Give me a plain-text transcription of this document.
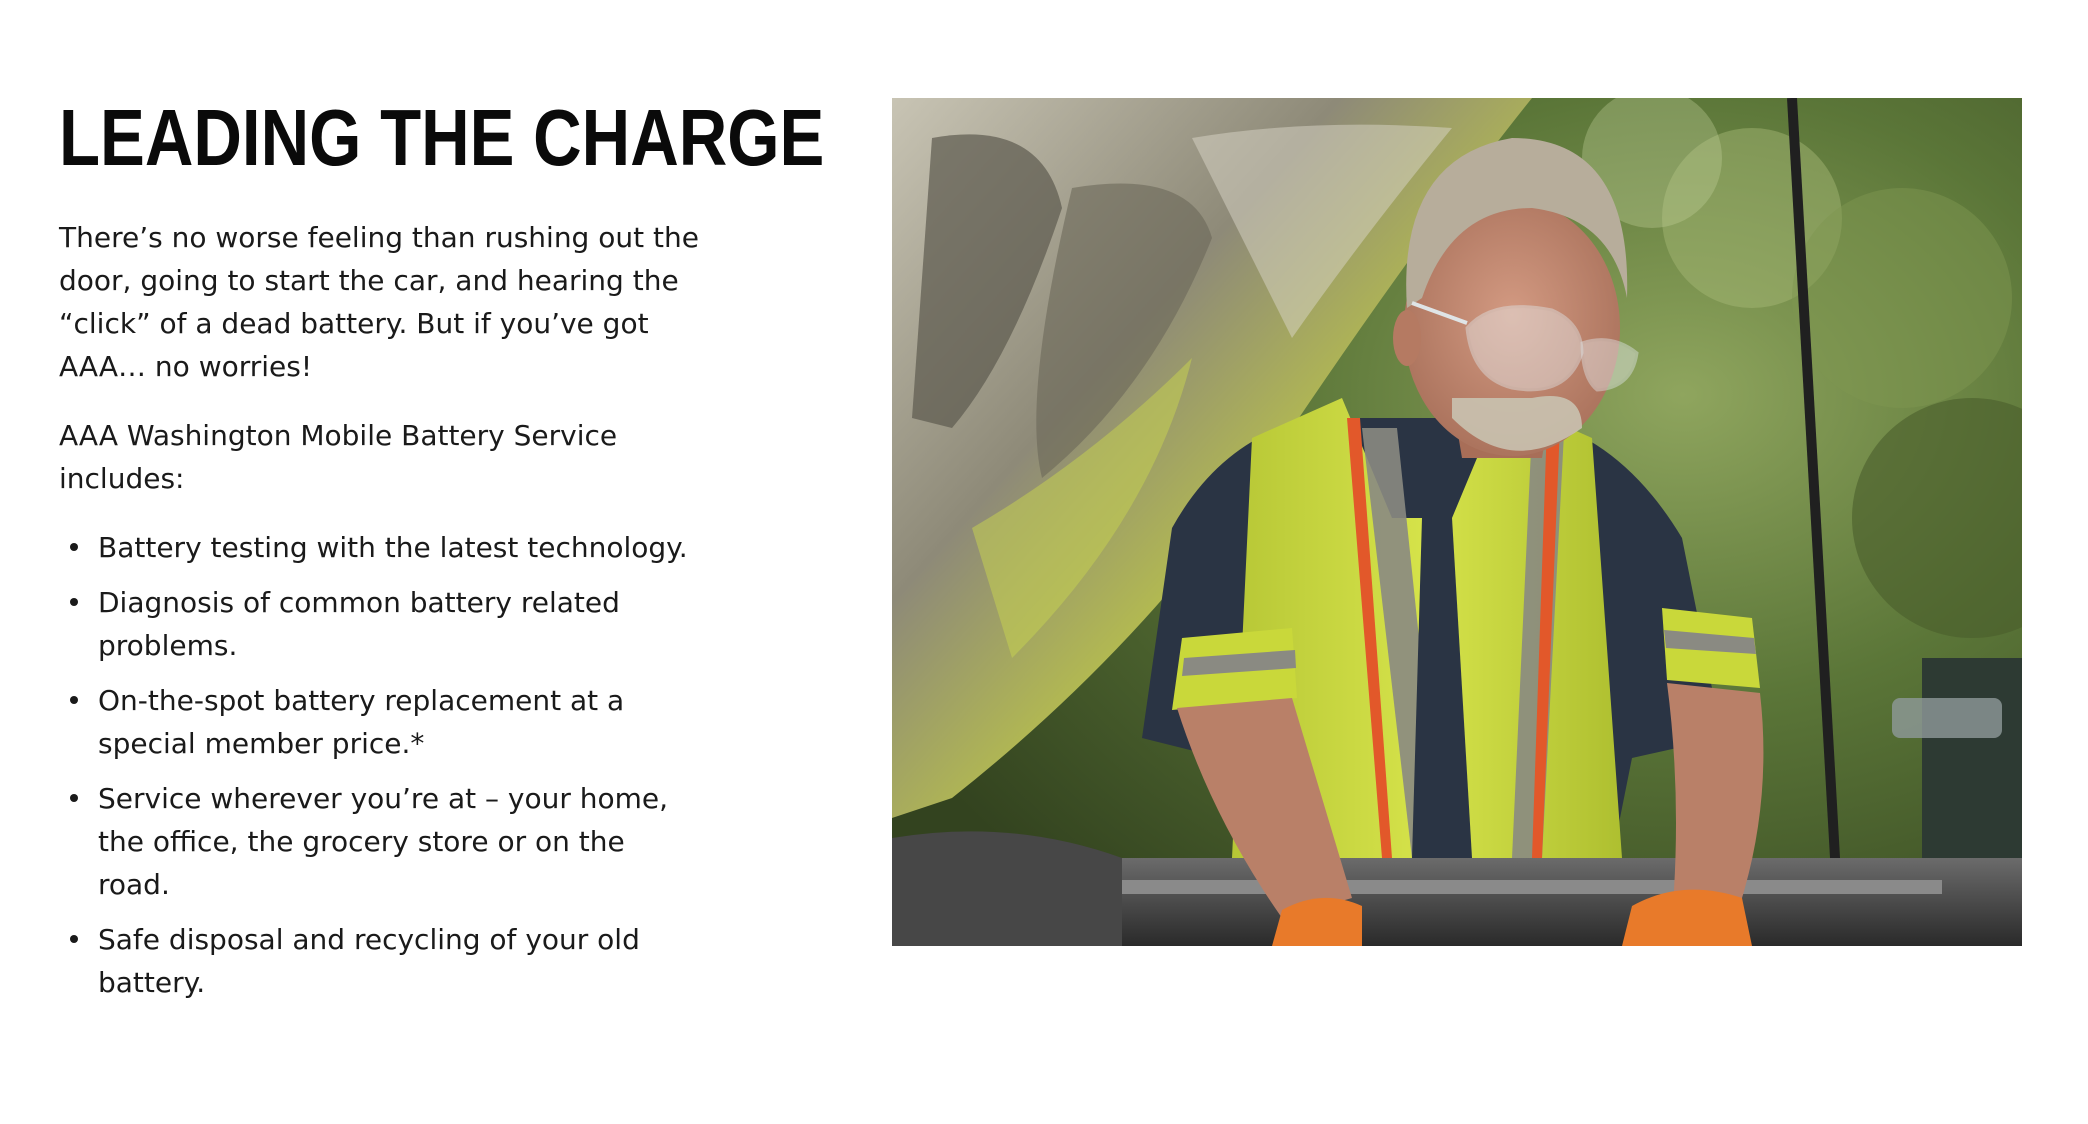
LEADING THE CHARGE

There’s no worse feeling than rushing out the door, going to start the car, and hearing the “click” of a dead battery. But if you’ve got AAA… no worries!

AAA Washington Mobile Battery Service includes:

Battery testing with the latest technology.
Diagnosis of common battery related problems.
On-the-spot battery replacement at a special member price.*
Service wherever you’re at – your home, the office, the grocery store or on the road.
Safe disposal and recycling of your old battery.
